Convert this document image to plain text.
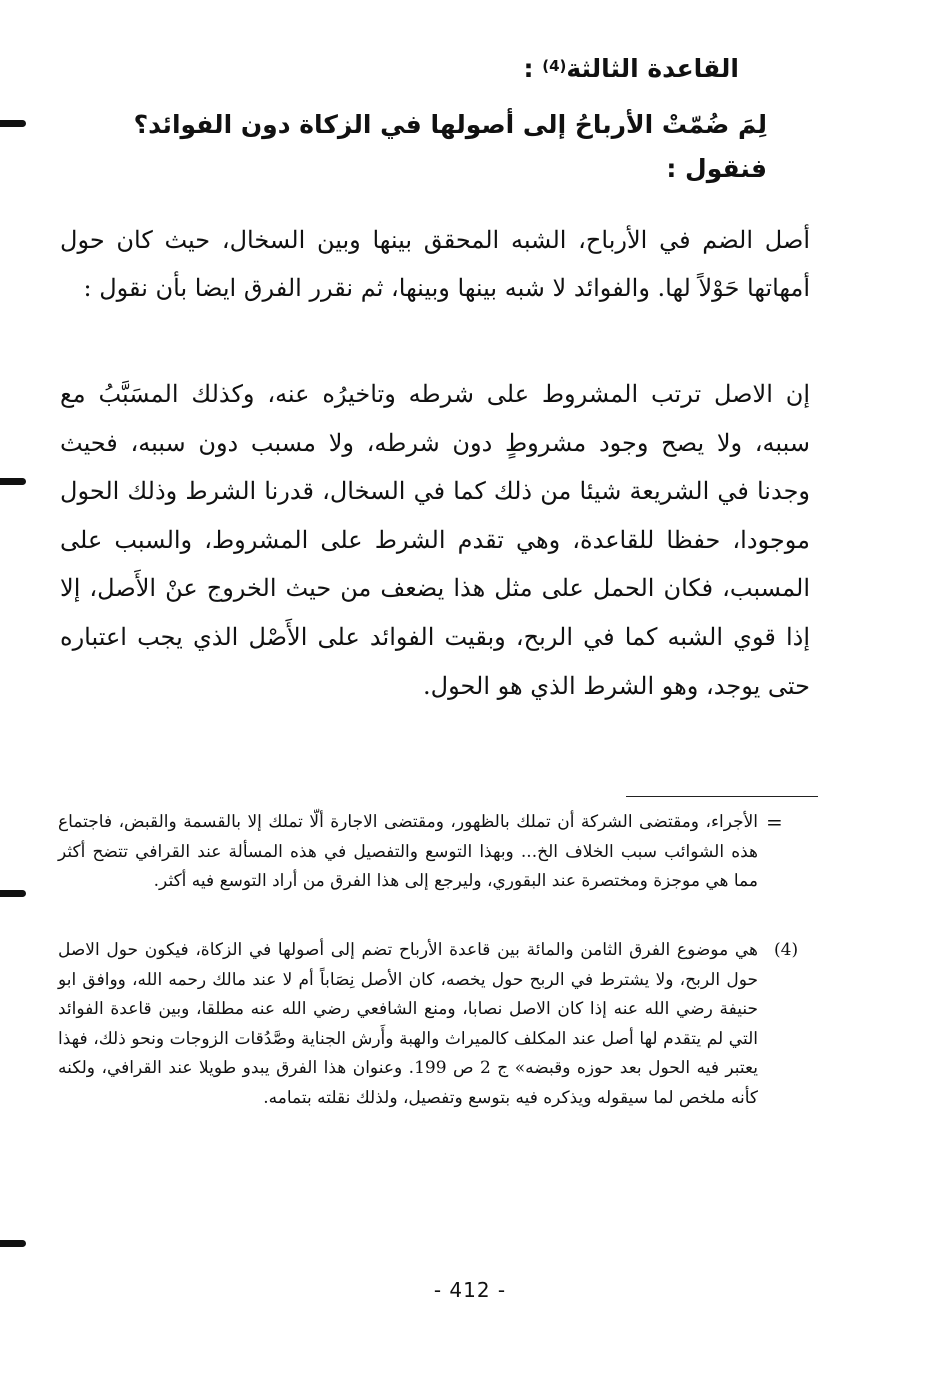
القاعدة الثالثة$^{(4)}$ :
لِمَ ضُمّتْ الأرباحُ إلى أصولها في الزكاة دون الفوائد؟ فنقول :
أصل الضم في الأرباح، الشبه المحقق بينها وبين السخال، حيث كان حول أمهاتها حَوْلاً لها. والفوائد لا شبه بينها وبينها، ثم نقرر الفرق ايضا بأن نقول :
إن الاصل ترتب المشروط على شرطه وتاخيرُه عنه، وكذلك المسَبَّبُ مع سببه، ولا يصح وجود مشروطٍ دون شرطه، ولا مسبب دون سببه، فحيث وجدنا في الشريعة شيئا من ذلك كما في السخال، قدرنا الشرط وذلك الحول موجودا، حفظا للقاعدة، وهي تقدم الشرط على المشروط، والسبب على المسبب، فكان الحمل على مثل هذا يضعف من حيث الخروج عنْ الأَصل، إلا إذا قوي الشبه كما في الربح، وبقيت الفوائد على الأَصْل الذي يجب اعتباره حتى يوجد، وهو الشرط الذي هو الحول.
=
الأجراء، ومقتضى الشركة أن تملك بالظهور، ومقتضى الاجارة ألّا تملك إلا بالقسمة والقبض، فاجتماع هذه الشوائب سبب الخلاف الخ... وبهذا التوسع والتفصيل في هذه المسألة عند القرافي تتضح أكثر مما هي موجزة ومختصرة عند البقوري، وليرجع إلى هذا الفرق من أراد التوسع فيه أكثر.
(4)
هي موضوع الفرق الثامن والمائة بين قاعدة الأرباح تضم إلى أصولها في الزكاة، فيكون حول الاصل حول الربح، ولا يشترط في الربح حول يخصه، كان الأصل نِصَاباً أم لا عند مالك رحمه الله، ووافق ابو حنيفة رضي الله عنه إذا كان الاصل نصابا، ومنع الشافعي رضي الله عنه مطلقا، وبين قاعدة الفوائد التي لم يتقدم لها أصل عند المكلف كالميراث والهبة وأَرش الجناية وصَّدُقات الزوجات ونحو ذلك، فهذا يعتبر فيه الحول بعد حوزه وقبضه» ج 2 ص 199. وعنوان هذا الفرق يبدو طويلا عند القرافي، ولكنه كأنه ملخص لما سيقوله ويذكره فيه بتوسع وتفصيل، ولذلك نقلته بتمامه.
- 412 -
